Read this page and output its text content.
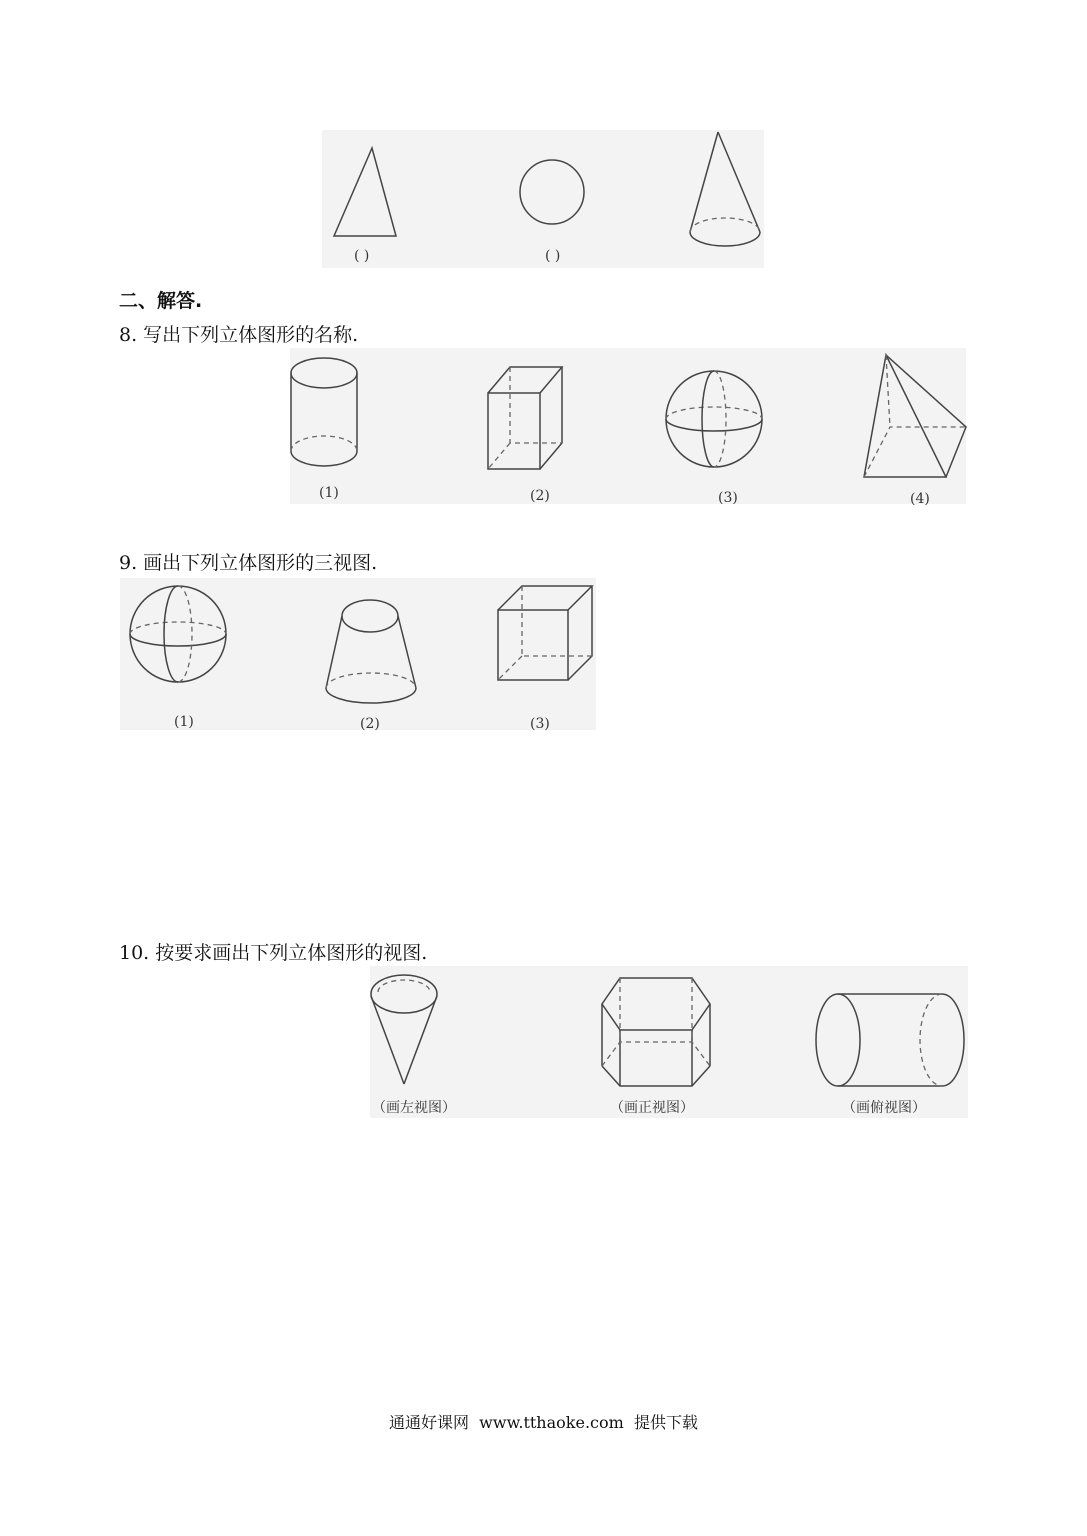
( )	( )
二、解答.
8. 写出下列立体图形的名称.
(1)	(2)	(3)	(4)
9. 画出下列立体图形的三视图.
(1)	(2)	(3)
10. 按要求画出下列立体图形的视图.
（画左视图）	（画正视图）	（画俯视图）
通通好课网  www.tthaoke.com  提供下载
